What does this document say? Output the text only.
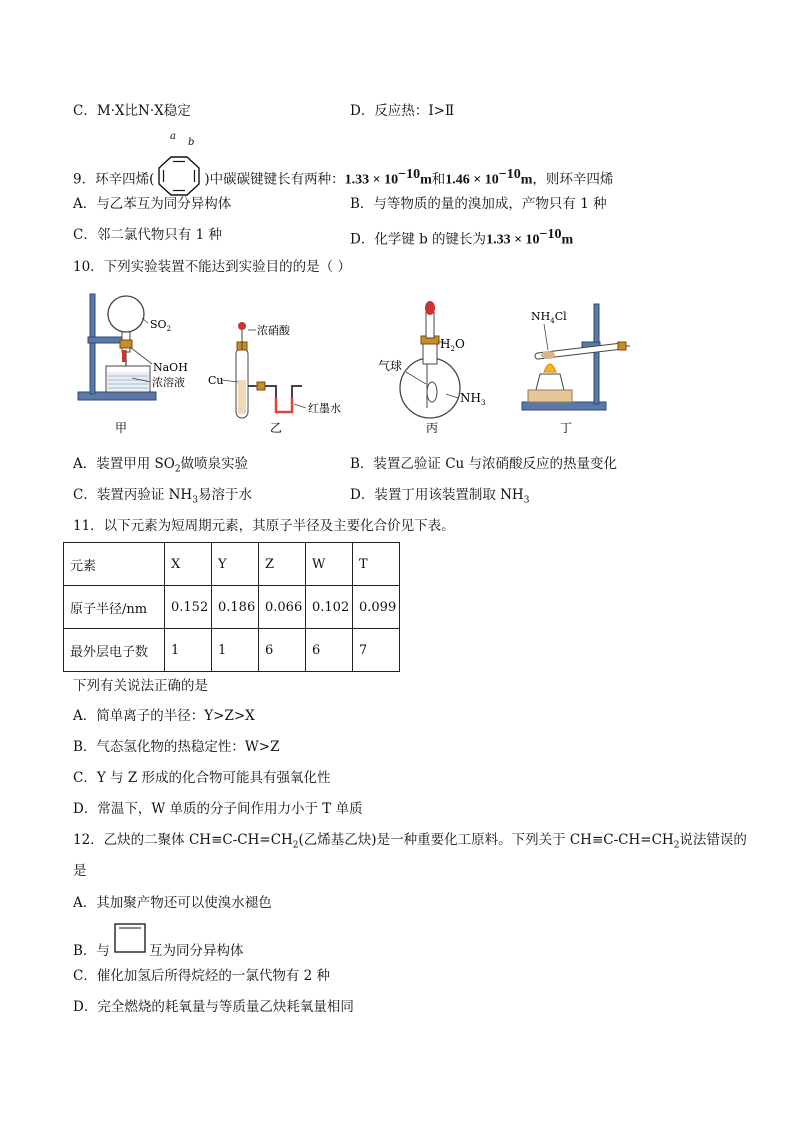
C．M·X比N·X稳定	D．反应热：Ⅰ>Ⅱ
9．环辛四烯(	)中碳碳键键长有两种：$1.33 \times 10^{-10}m$和$1.46 \times 10^{-10}m$，则环辛四烯
a
b
A．与乙苯互为同分异构体	B．与等物质的量的溴加成，产物只有 1 种
C．邻二氯代物只有 1 种	D．化学键 b 的键长为$1.33 \times 10^{-10}m$
10．下列实验装置不能达到实验目的的是（ ）
$SO_2$
NaOH
浓溶液
甲
浓硝酸
Cu
红墨水
乙
$H_2O$
气球
$NH_3$
丙
$NH_4Cl$
丁
A．装置甲用 $SO_2$做喷泉实验	B．装置乙验证 Cu 与浓硝酸反应的热量变化
C．装置丙验证 $NH_3$易溶于水	D．装置丁用该装置制取 $NH_3$
11．以下元素为短周期元素，其原子半径及主要化合价见下表。
元素	X	Y	Z	W	T
原子半径/nm	0.152	0.186	0.066	0.102	0.099
最外层电子数	1	1	6	6	7
下列有关说法正确的是
A．简单离子的半径：Y>Z>X
B．气态氢化物的热稳定性：W>Z
C．Y 与 Z 形成的化合物可能具有强氧化性
D．常温下，W 单质的分子间作用力小于 T 单质
12．乙炔的二聚体 $CH\equiv C-CH=CH_2$(乙烯基乙炔)是一种重要化工原料。下列关于 $CH\equiv C-CH=CH_2$说法错误的
是
A．其加聚产物还可以使溴水褪色
B．与	互为同分异构体
C．催化加氢后所得烷烃的一氯代物有 2 种
D．完全燃烧的耗氧量与等质量乙炔耗氧量相同
